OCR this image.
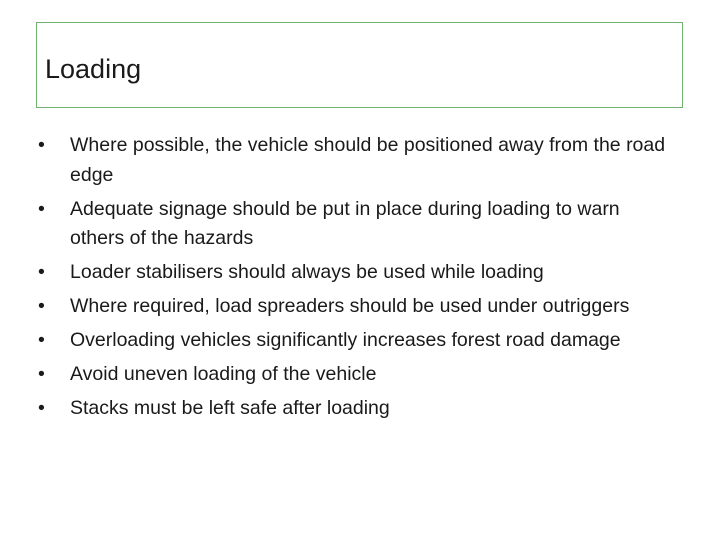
Loading
•	Where possible, the vehicle should be positioned away from the road edge
•	Adequate signage should be put in place during loading to warn others of the hazards
•	Loader stabilisers should always be used while loading
•	Where required, load spreaders should be used under outriggers
•	Overloading vehicles significantly increases forest road damage
•	Avoid uneven loading of the vehicle
•	Stacks must be left safe after loading
